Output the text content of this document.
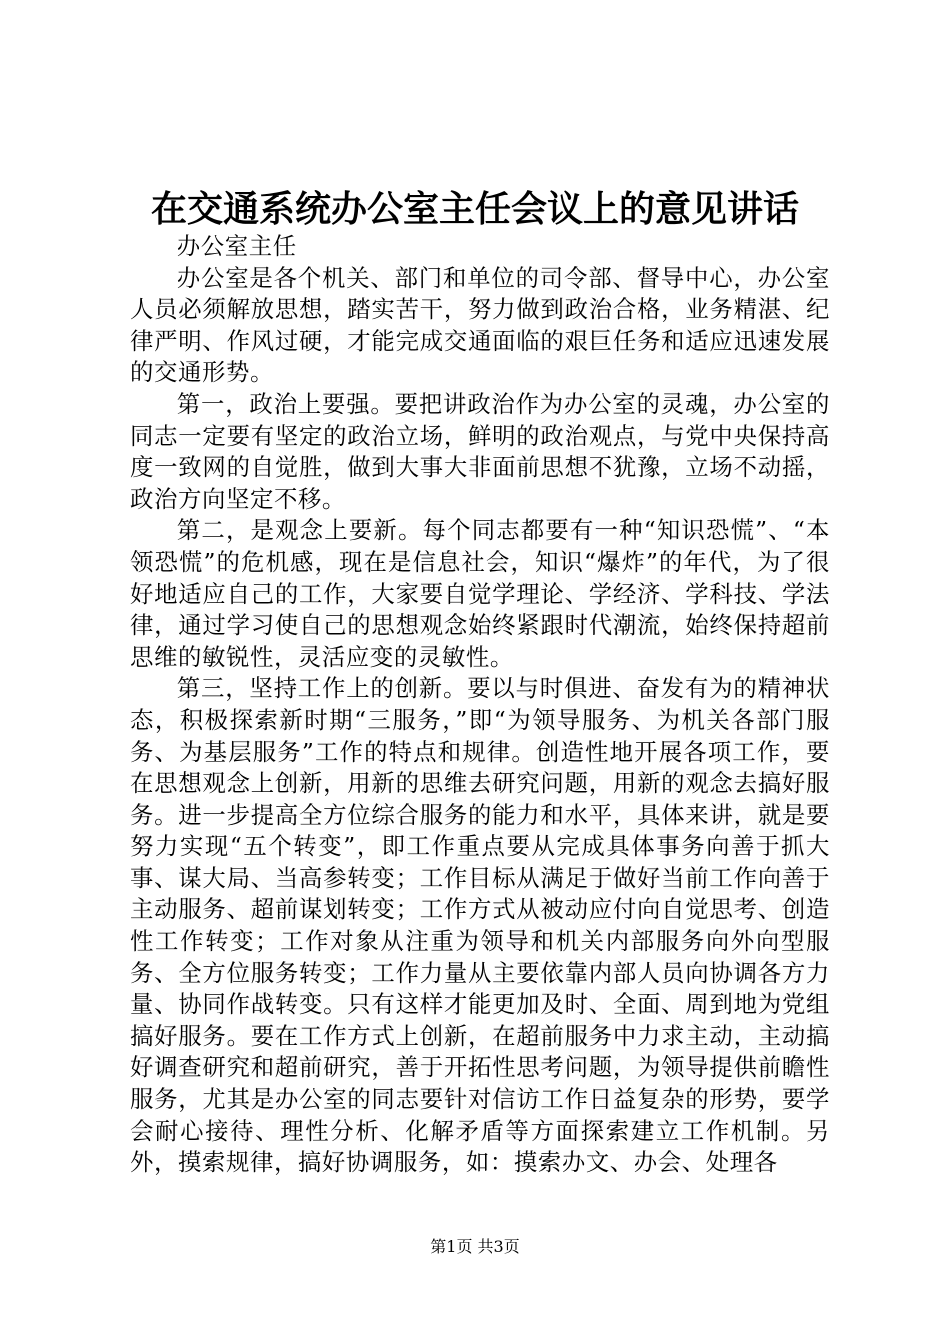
在交通系统办公室主任会议上的意见讲话

办公室主任

办公室是各个机关、部门和单位的司令部、督导中心，办公室人员必须解放思想，踏实苦干，努力做到政治合格，业务精湛、纪律严明、作风过硬，才能完成交通面临的艰巨任务和适应迅速发展的交通形势。

第一，政治上要强。要把讲政治作为办公室的灵魂，办公室的同志一定要有坚定的政治立场，鲜明的政治观点，与党中央保持高度一致网的自觉胜，做到大事大非面前思想不犹豫，立场不动摇，政治方向坚定不移。

第二，是观念上要新。每个同志都要有一种“知识恐慌”、“本领恐慌”的危机感，现在是信息社会，知识“爆炸”的年代，为了很好地适应自己的工作，大家要自觉学理论、学经济、学科技、学法律，通过学习使自己的思想观念始终紧跟时代潮流，始终保持超前思维的敏锐性，灵活应变的灵敏性。

第三，坚持工作上的创新。要以与时俱进、奋发有为的精神状态，积极探索新时期“三服务，”即“为领导服务、为机关各部门服务、为基层服务”工作的特点和规律。创造性地开展各项工作，要在思想观念上创新，用新的思维去研究问题，用新的观念去搞好服务。进一步提高全方位综合服务的能力和水平，具体来讲，就是要努力实现“五个转变”，即工作重点要从完成具体事务向善于抓大事、谋大局、当高参转变；工作目标从满足于做好当前工作向善于主动服务、超前谋划转变；工作方式从被动应付向自觉思考、创造性工作转变；工作对象从注重为领导和机关内部服务向外向型服务、全方位服务转变；工作力量从主要依靠内部人员向协调各方力量、协同作战转变。只有这样才能更加及时、全面、周到地为党组搞好服务。要在工作方式上创新，在超前服务中力求主动，主动搞好调查研究和超前研究，善于开拓性思考问题，为领导提供前瞻性服务，尤其是办公室的同志要针对信访工作日益复杂的形势，要学会耐心接待、理性分析、化解矛盾等方面探索建立工作机制。另外，摸索规律，搞好协调服务，如：摸索办文、办会、处理各

第1页 共3页
